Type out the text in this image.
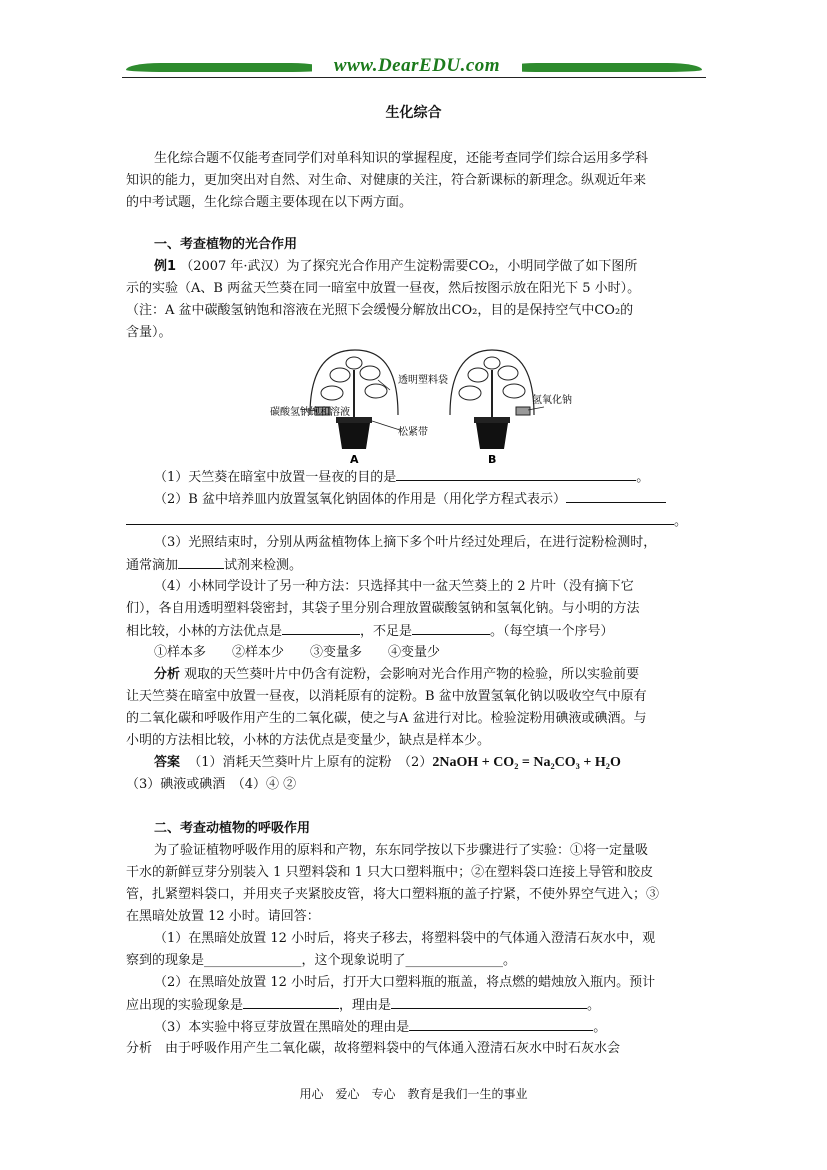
www.DearEDU.com
生化综合
生化综合题不仅能考查同学们对单科知识的掌握程度，还能考查同学们综合运用多学科
知识的能力，更加突出对自然、对生命、对健康的关注，符合新课标的新理念。纵观近年来
的中考试题，生化综合题主要体现在以下两方面。
一、考查植物的光合作用
例1 （2007 年·武汉）为了探究光合作用产生淀粉需要CO₂，小明同学做了如下图所
示的实验（A、B 两盆天竺葵在同一暗室中放置一昼夜，然后按图示放在阳光下 5 小时）。
（注：A 盆中碳酸氢钠饱和溶液在光照下会缓慢分解放出CO₂，目的是保持空气中CO₂的
含量）。
透明塑料袋
碳酸氢钠饱和溶液
松紧带
氢氧化钠
A	B
（1）天竺葵在暗室中放置一昼夜的目的是	。
（2）B 盆中培养皿内放置氢氧化钠固体的作用是（用化学方程式表示）
。
（3）光照结束时，分别从两盆植物体上摘下多个叶片经过处理后，在进行淀粉检测时，
通常滴加	试剂来检测。
（4）小林同学设计了另一种方法：只选择其中一盆天竺葵上的 2 片叶（没有摘下它
们），各自用透明塑料袋密封，其袋子里分别合理放置碳酸氢钠和氢氧化钠。与小明的方法
相比较，小林的方法优点是	，不足是	。（每空填一个序号）
①样本多　　②样本少　　③变量多　　④变量少
分析 观取的天竺葵叶片中仍含有淀粉，会影响对光合作用产物的检验，所以实验前要
让天竺葵在暗室中放置一昼夜，以消耗原有的淀粉。B 盆中放置氢氧化钠以吸收空气中原有
的二氧化碳和呼吸作用产生的二氧化碳，使之与A 盆进行对比。检验淀粉用碘液或碘酒。与
小明的方法相比较，小林的方法优点是变量少，缺点是样本少。
答案 （1）消耗天竺葵叶片上原有的淀粉　（2）2NaOH + CO₂ = Na₂CO₃ + H₂O
（3）碘液或碘酒　（4）④ ②
二、考查动植物的呼吸作用
为了验证植物呼吸作用的原料和产物，东东同学按以下步骤进行了实验：①将一定量吸
干水的新鲜豆芽分别装入 1 只塑料袋和 1 只大口塑料瓶中；②在塑料袋口连接上导管和胶皮
管，扎紧塑料袋口，并用夹子夹紧胶皮管，将大口塑料瓶的盖子拧紧，不使外界空气进入；③
在黑暗处放置 12 小时。请回答：
（1）在黑暗处放置 12 小时后，将夹子移去，将塑料袋中的气体通入澄清石灰水中，观
察到的现象是_______________，这个现象说明了_______________。
（2）在黑暗处放置 12 小时后，打开大口塑料瓶的瓶盖，将点燃的蜡烛放入瓶内。预计
应出现的实验现象是	，理由是	。
（3）本实验中将豆芽放置在黑暗处的理由是	。
分析　由于呼吸作用产生二氧化碳，故将塑料袋中的气体通入澄清石灰水中时石灰水会
用心　爱心　专心　教育是我们一生的事业
